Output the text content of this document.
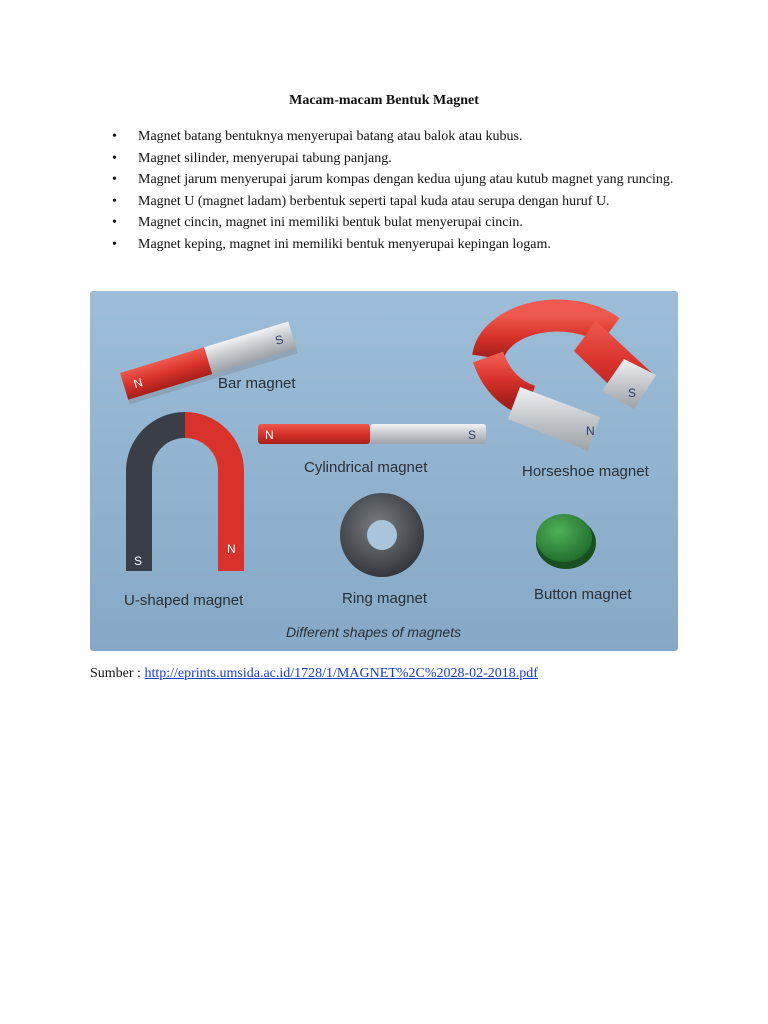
Macam-macam Bentuk Magnet
• Magnet batang bentuknya menyerupai batang atau balok atau kubus.
• Magnet silinder, menyerupai tabung panjang.
• Magnet jarum menyerupai jarum kompas dengan kedua ujung atau kutub magnet yang runcing.
• Magnet U (magnet ladam) berbentuk seperti tapal kuda atau serupa dengan huruf U.
• Magnet cincin, magnet ini memiliki bentuk bulat menyerupai cincin.
• Magnet keping, magnet ini memiliki bentuk menyerupai kepingan logam.
N
S
Bar magnet
N	S
Cylindrical magnet
N
S
Horseshoe magnet
S
N
U-shaped magnet	Ring magnet	Button magnet
Different shapes of magnets
Sumber : http://eprints.umsida.ac.id/1728/1/MAGNET%2C%2028-02-2018.pdf
